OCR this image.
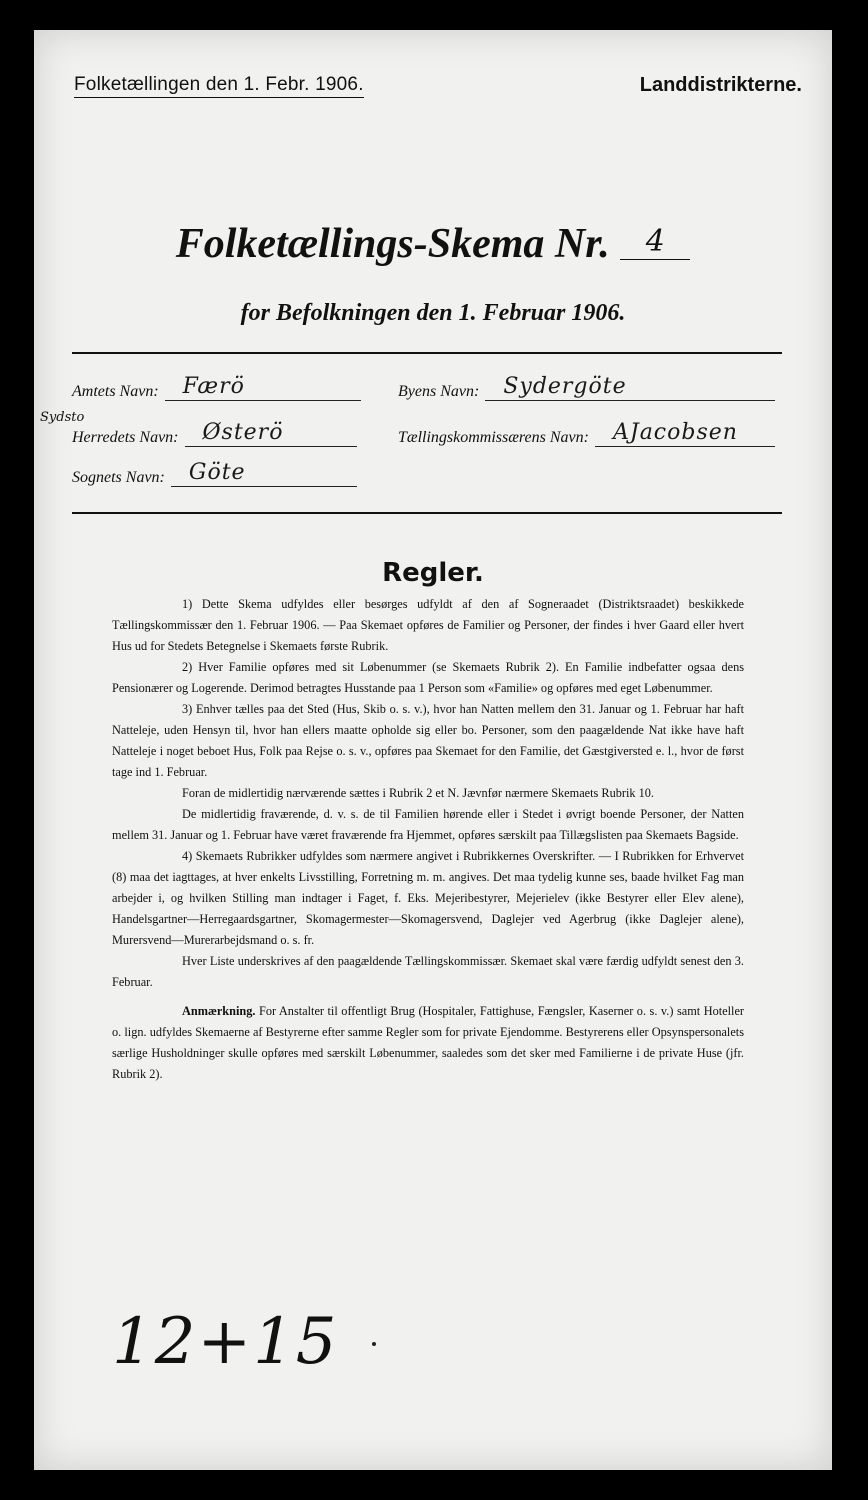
Folketællingen den 1. Febr. 1906.	Landdistrikterne.
Folketællings-Skema Nr. 4
for Befolkningen den 1. Februar 1906.
Amtets Navn: Færö
Sydsto
Herredets Navn: Østerö
Sognets Navn: Göte
Byens Navn: Sydergöte
Tællingskommissærens Navn: AJacobsen
Regler.

1) Dette Skema udfyldes eller besørges udfyldt af den af Sogneraadet (Distriktsraadet) beskikkede Tællingskommissær den 1. Februar 1906. — Paa Skemaet opføres de Familier og Personer, der findes i hver Gaard eller hvert Hus ud for Stedets Betegnelse i Skemaets første Rubrik.

2) Hver Familie opføres med sit Løbenummer (se Skemaets Rubrik 2). En Familie indbefatter ogsaa dens Pensionærer og Logerende. Derimod betragtes Husstande paa 1 Person som «Familie» og opføres med eget Løbenummer.

3) Enhver tælles paa det Sted (Hus, Skib o. s. v.), hvor han Natten mellem den 31. Januar og 1. Februar har haft Natteleje, uden Hensyn til, hvor han ellers maatte opholde sig eller bo. Personer, som den paagældende Nat ikke have haft Natteleje i noget beboet Hus, Folk paa Rejse o. s. v., opføres paa Skemaet for den Familie, det Gæstgiversted e. l., hvor de først tage ind 1. Februar.

Foran de midlertidig nærværende sættes i Rubrik 2 et N. Jævnfør nærmere Skemaets Rubrik 10.

De midlertidig fraværende, d. v. s. de til Familien hørende eller i Stedet i øvrigt boende Personer, der Natten mellem 31. Januar og 1. Februar have været fraværende fra Hjemmet, opføres særskilt paa Tillægslisten paa Skemaets Bagside.

4) Skemaets Rubrikker udfyldes som nærmere angivet i Rubrikkernes Overskrifter. — I Rubrikken for Erhvervet (8) maa det iagttages, at hver enkelts Livsstilling, Forretning m. m. angives. Det maa tydelig kunne ses, baade hvilket Fag man arbejder i, og hvilken Stilling man indtager i Faget, f. Eks. Mejeribestyrer, Mejerielev (ikke Bestyrer eller Elev alene), Handelsgartner—Herregaardsgartner, Skomagermester—Skomagersvend, Daglejer ved Agerbrug (ikke Daglejer alene), Murersvend—Murerarbejdsmand o. s. fr.

Hver Liste underskrives af den paagældende Tællingskommissær. Skemaet skal være færdig udfyldt senest den 3. Februar.

Anmærkning. For Anstalter til offentligt Brug (Hospitaler, Fattighuse, Fængsler, Kaserner o. s. v.) samt Hoteller o. lign. udfyldes Skemaerne af Bestyrerne efter samme Regler som for private Ejendomme. Bestyrerens eller Opsynspersonalets særlige Husholdninger skulle opføres med særskilt Løbenummer, saaledes som det sker med Familierne i de private Huse (jfr. Rubrik 2).

12+15
